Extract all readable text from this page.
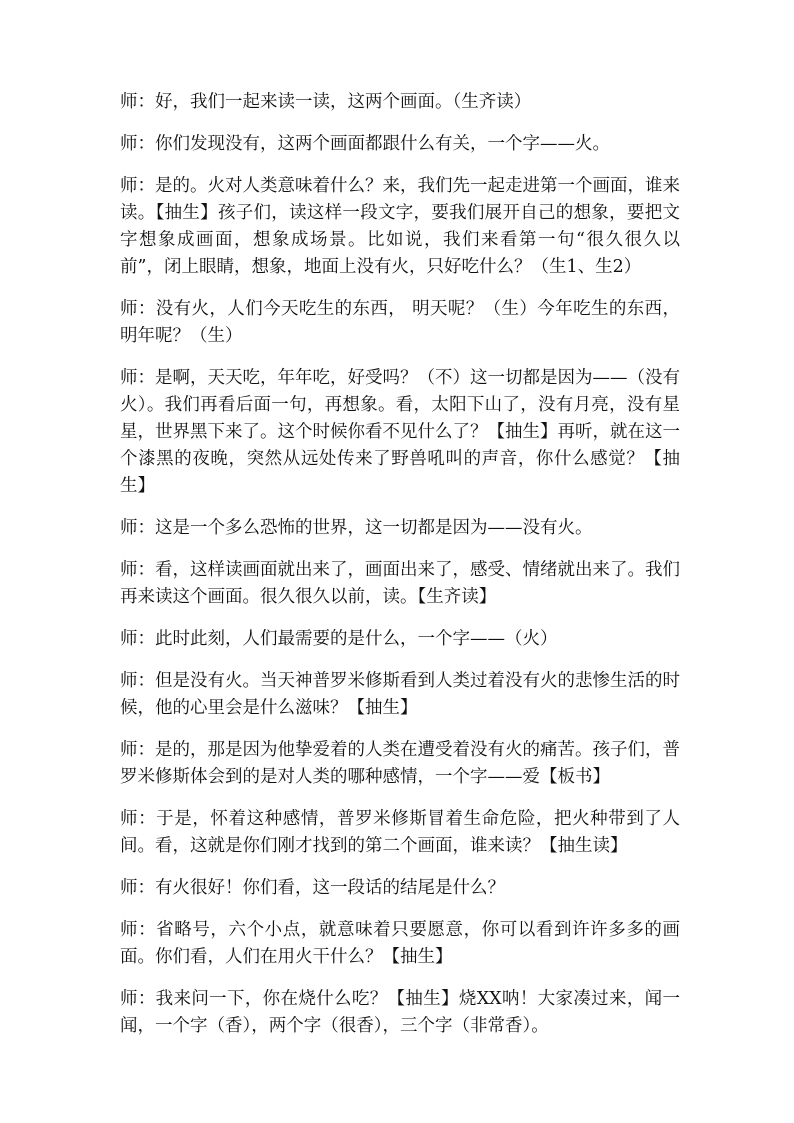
师：好，我们一起来读一读，这两个画面。（生齐读）

师：你们发现没有，这两个画面都跟什么有关，一个字——火。

师：是的。火对人类意味着什么？来，我们先一起走进第一个画面，谁来读。【抽生】孩子们，读这样一段文字，要我们展开自己的想象，要把文字想象成画面，想象成场景。比如说，我们来看第一句“很久很久以前”，闭上眼睛，想象，地面上没有火，只好吃什么？（生1、生2）

师：没有火，人们今天吃生的东西， 明天呢？（生）今年吃生的东西，明年呢？（生）

师：是啊，天天吃，年年吃，好受吗？（不）这一切都是因为——（没有火）。我们再看后面一句，再想象。看，太阳下山了，没有月亮，没有星星，世界黑下来了。这个时候你看不见什么了？【抽生】再听，就在这一个漆黑的夜晚，突然从远处传来了野兽吼叫的声音，你什么感觉？【抽生】

师：这是一个多么恐怖的世界，这一切都是因为——没有火。

师：看，这样读画面就出来了，画面出来了，感受、情绪就出来了。我们再来读这个画面。很久很久以前，读。【生齐读】

师：此时此刻，人们最需要的是什么，一个字——（火）

师：但是没有火。当天神普罗米修斯看到人类过着没有火的悲惨生活的时候，他的心里会是什么滋味？【抽生】

师：是的，那是因为他挚爱着的人类在遭受着没有火的痛苦。孩子们，普罗米修斯体会到的是对人类的哪种感情，一个字——爱【板书】

师：于是，怀着这种感情，普罗米修斯冒着生命危险，把火种带到了人间。看，这就是你们刚才找到的第二个画面，谁来读？【抽生读】

师：有火很好！你们看，这一段话的结尾是什么？

师：省略号，六个小点，就意味着只要愿意，你可以看到许许多多的画面。你们看，人们在用火干什么？【抽生】

师：我来问一下，你在烧什么吃？【抽生】烧XX呐！大家凑过来，闻一闻，一个字（香），两个字（很香），三个字（非常香）。
